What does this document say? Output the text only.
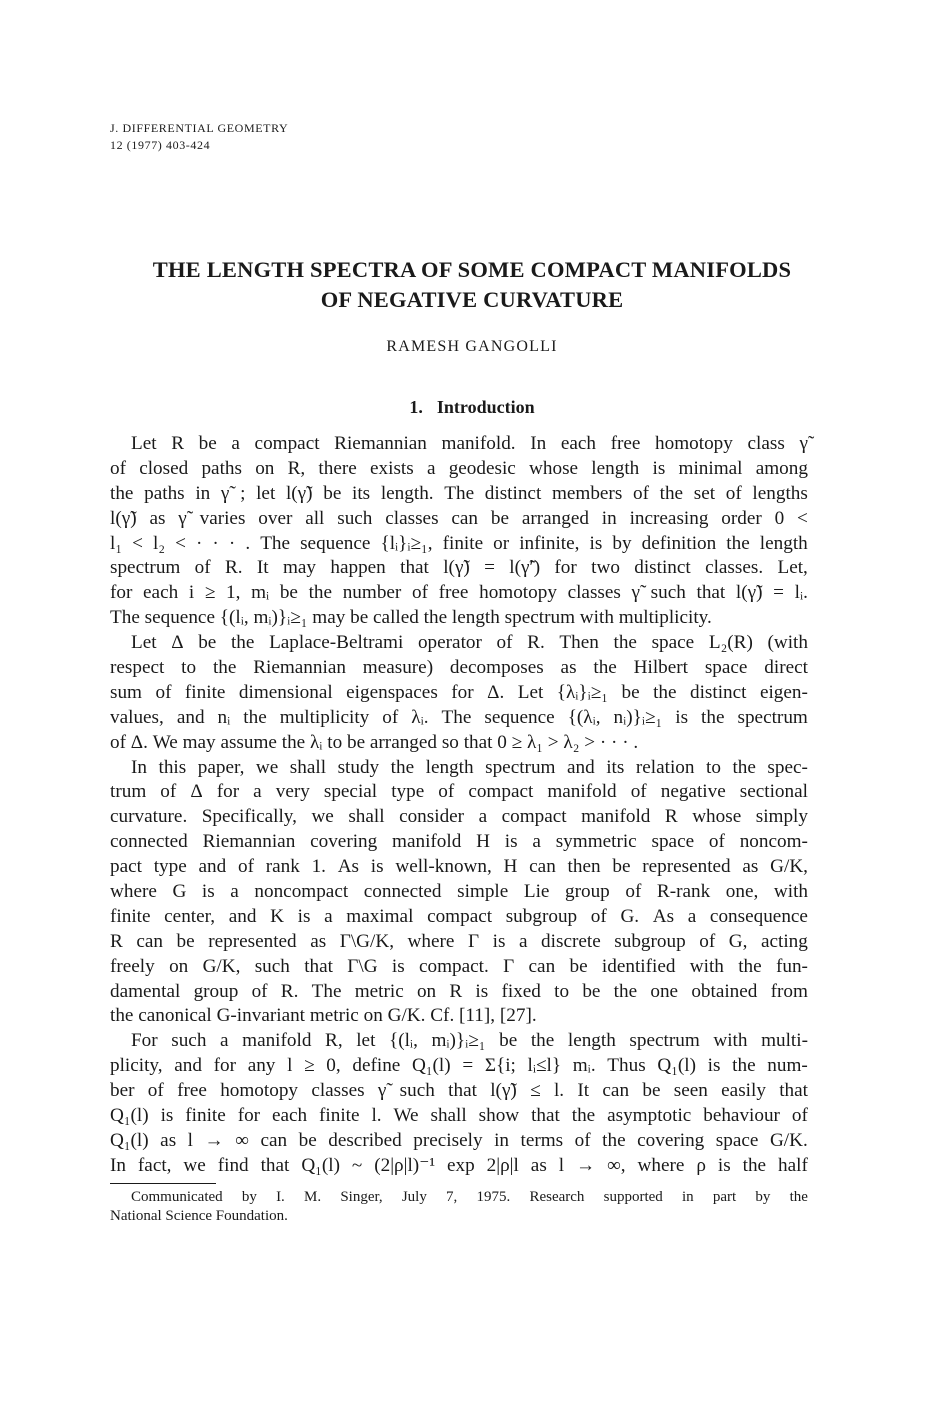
J. DIFFERENTIAL GEOMETRY
12 (1977) 403-424
THE LENGTH SPECTRA OF SOME COMPACT MANIFOLDS
OF NEGATIVE CURVATURE
RAMESH GANGOLLI
1. Introduction
Let R be a compact Riemannian manifold. In each free homotopy class γ̃
of closed paths on R, there exists a geodesic whose length is minimal among
the paths in γ̃ ; let l(γ̃) be its length. The distinct members of the set of lengths
l(γ̃) as γ̃ varies over all such classes can be arranged in increasing order 0 <
l₁ < l₂ < · · · . The sequence {lᵢ}ᵢ≥₁, finite or infinite, is by definition the length
spectrum of R. It may happen that l(γ̃) = l(γ̃′) for two distinct classes. Let,
for each i ≥ 1, mᵢ be the number of free homotopy classes γ̃ such that l(γ̃) = lᵢ.
The sequence {(lᵢ, mᵢ)}ᵢ≥₁ may be called the length spectrum with multiplicity.
Let Δ be the Laplace-Beltrami operator of R. Then the space L₂(R) (with
respect to the Riemannian measure) decomposes as the Hilbert space direct
sum of finite dimensional eigenspaces for Δ. Let {λᵢ}ᵢ≥₁ be the distinct eigen-
values, and nᵢ the multiplicity of λᵢ. The sequence {(λᵢ, nᵢ)}ᵢ≥₁ is the spectrum
of Δ. We may assume the λᵢ to be arranged so that 0 ≥ λ₁ > λ₂ > · · · .
In this paper, we shall study the length spectrum and its relation to the spec-
trum of Δ for a very special type of compact manifold of negative sectional
curvature. Specifically, we shall consider a compact manifold R whose simply
connected Riemannian covering manifold H is a symmetric space of noncom-
pact type and of rank 1. As is well-known, H can then be represented as G/K,
where G is a noncompact connected simple Lie group of R-rank one, with
finite center, and K is a maximal compact subgroup of G. As a consequence
R can be represented as Γ\G/K, where Γ is a discrete subgroup of G, acting
freely on G/K, such that Γ\G is compact. Γ can be identified with the fun-
damental group of R. The metric on R is fixed to be the one obtained from
the canonical G-invariant metric on G/K. Cf. [11], [27].
For such a manifold R, let {(lᵢ, mᵢ)}ᵢ≥₁ be the length spectrum with multi-
plicity, and for any l ≥ 0, define Q₁(l) = Σ{i; lᵢ≤l} mᵢ. Thus Q₁(l) is the num-
ber of free homotopy classes γ̃ such that l(γ̃) ≤ l. It can be seen easily that
Q₁(l) is finite for each finite l. We shall show that the asymptotic behaviour of
Q₁(l) as l → ∞ can be described precisely in terms of the covering space G/K.
In fact, we find that Q₁(l) ~ (2|ρ|l)⁻¹ exp 2|ρ|l as l → ∞, where ρ is the half
Communicated by I. M. Singer, July 7, 1975. Research supported in part by the
National Science Foundation.
